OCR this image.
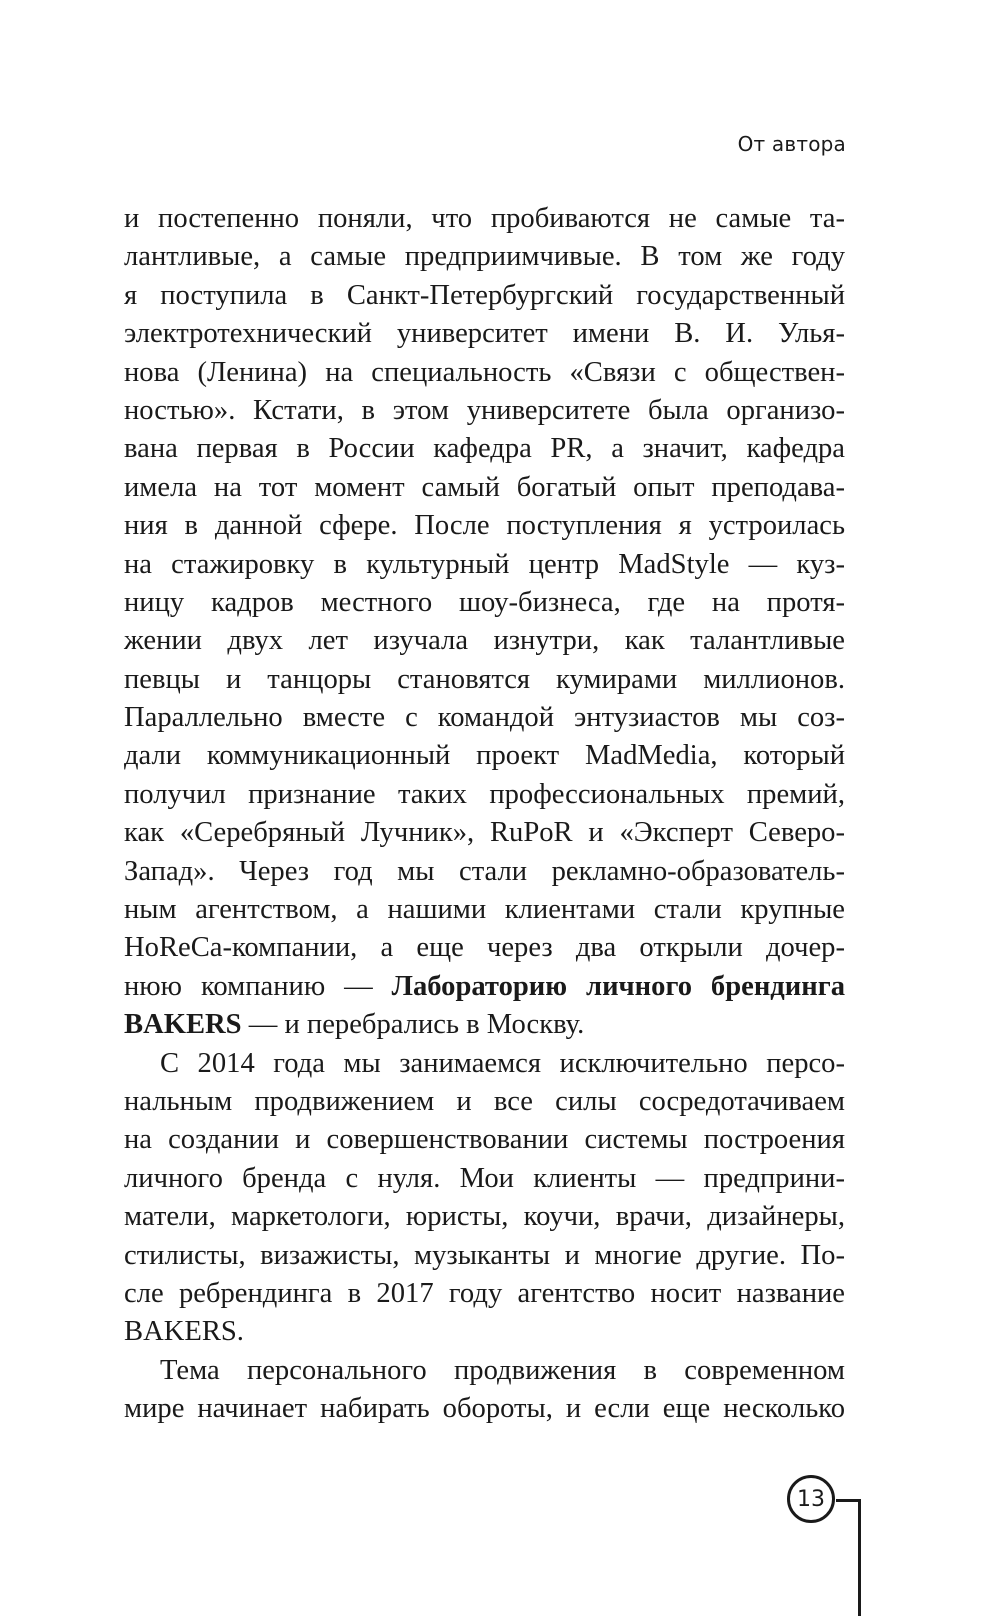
От автора
и постепенно поняли, что пробиваются не самые та-
лантливые, а самые предприимчивые. В том же году
я поступила в Санкт-Петербургский государственный
электротехнический университет имени В. И. Улья-
нова (Ленина) на специальность «Связи с обществен-
ностью». Кстати, в этом университете была организо-
вана первая в России кафедра PR, а значит, кафедра
имела на тот момент самый богатый опыт преподава-
ния в данной сфере. После поступления я устроилась
на стажировку в культурный центр MadStyle — куз-
ницу кадров местного шоу-бизнеса, где на протя-
жении двух лет изучала изнутри, как талантливые
певцы и танцоры становятся кумирами миллионов.
Параллельно вместе с командой энтузиастов мы соз-
дали коммуникационный проект MadMedia, который
получил признание таких профессиональных премий,
как «Серебряный Лучник», RuPoR и «Эксперт Северо-
Запад». Через год мы стали рекламно-образователь-
ным агентством, а нашими клиентами стали крупные
HoReCa-компании, а еще через два открыли дочер-
нюю компанию — Лабораторию личного брендинга
BAKERS — и перебрались в Москву.
С 2014 года мы занимаемся исключительно персо-
нальным продвижением и все силы сосредотачиваем
на создании и совершенствовании системы построения
личного бренда с нуля. Мои клиенты — предприни-
матели, маркетологи, юристы, коучи, врачи, дизайнеры,
стилисты, визажисты, музыканты и многие другие. По-
сле ребрендинга в 2017 году агентство носит название
BAKERS.
Тема персонального продвижения в современном
мире начинает набирать обороты, и если еще несколько
13
